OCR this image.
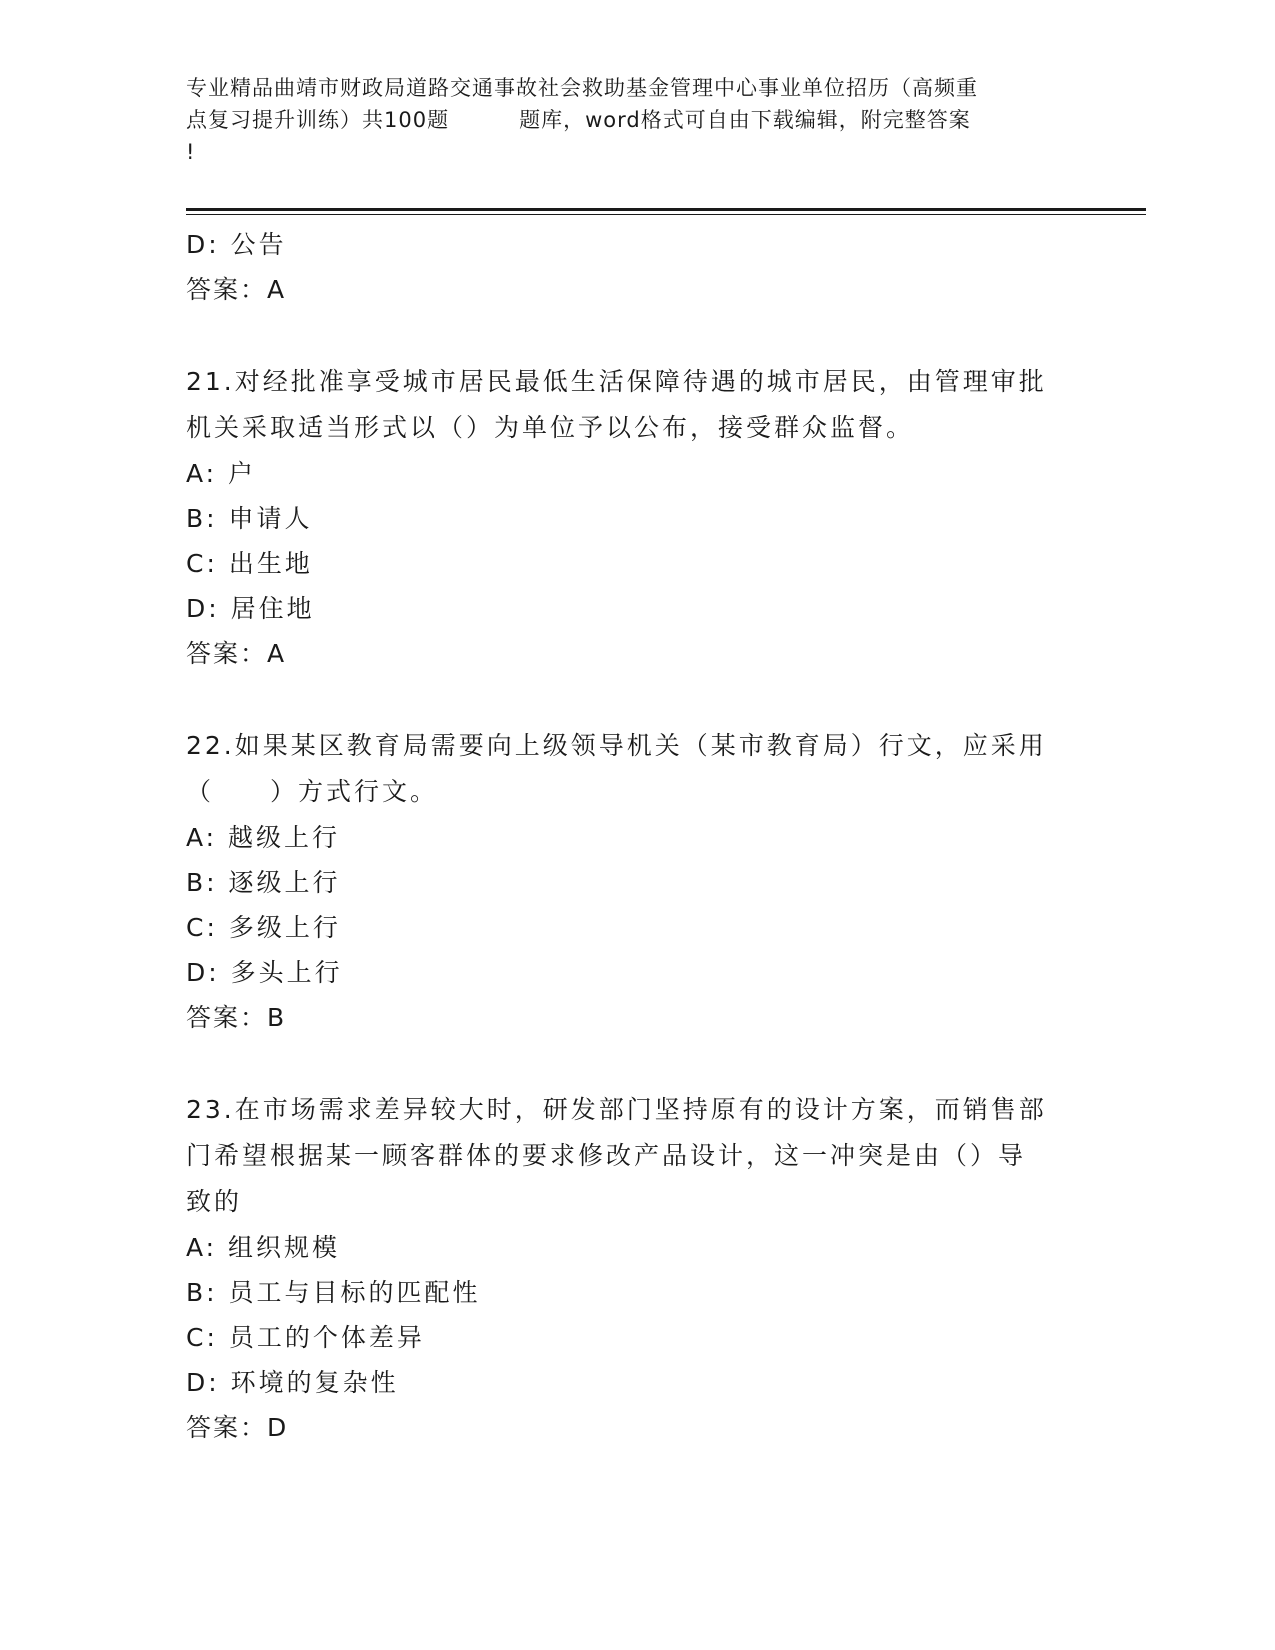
专业精品曲靖市财政局道路交通事故社会救助基金管理中心事业单位招历（高频重
点复习提升训练）共100题	题库，word格式可自由下载编辑，附完整答案
!
D: 公告
答案：A
21.对经批准享受城市居民最低生活保障待遇的城市居民，由管理审批
机关采取适当形式以（）为单位予以公布，接受群众监督。
A: 户
B: 申请人
C: 出生地
D: 居住地
答案：A
22.如果某区教育局需要向上级领导机关（某市教育局）行文，应采用
（　　）方式行文。
A: 越级上行
B: 逐级上行
C: 多级上行
D: 多头上行
答案：B
23.在市场需求差异较大时，研发部门坚持原有的设计方案，而销售部
门希望根据某一顾客群体的要求修改产品设计，这一冲突是由（）导
致的
A: 组织规模
B: 员工与目标的匹配性
C: 员工的个体差异
D: 环境的复杂性
答案：D
